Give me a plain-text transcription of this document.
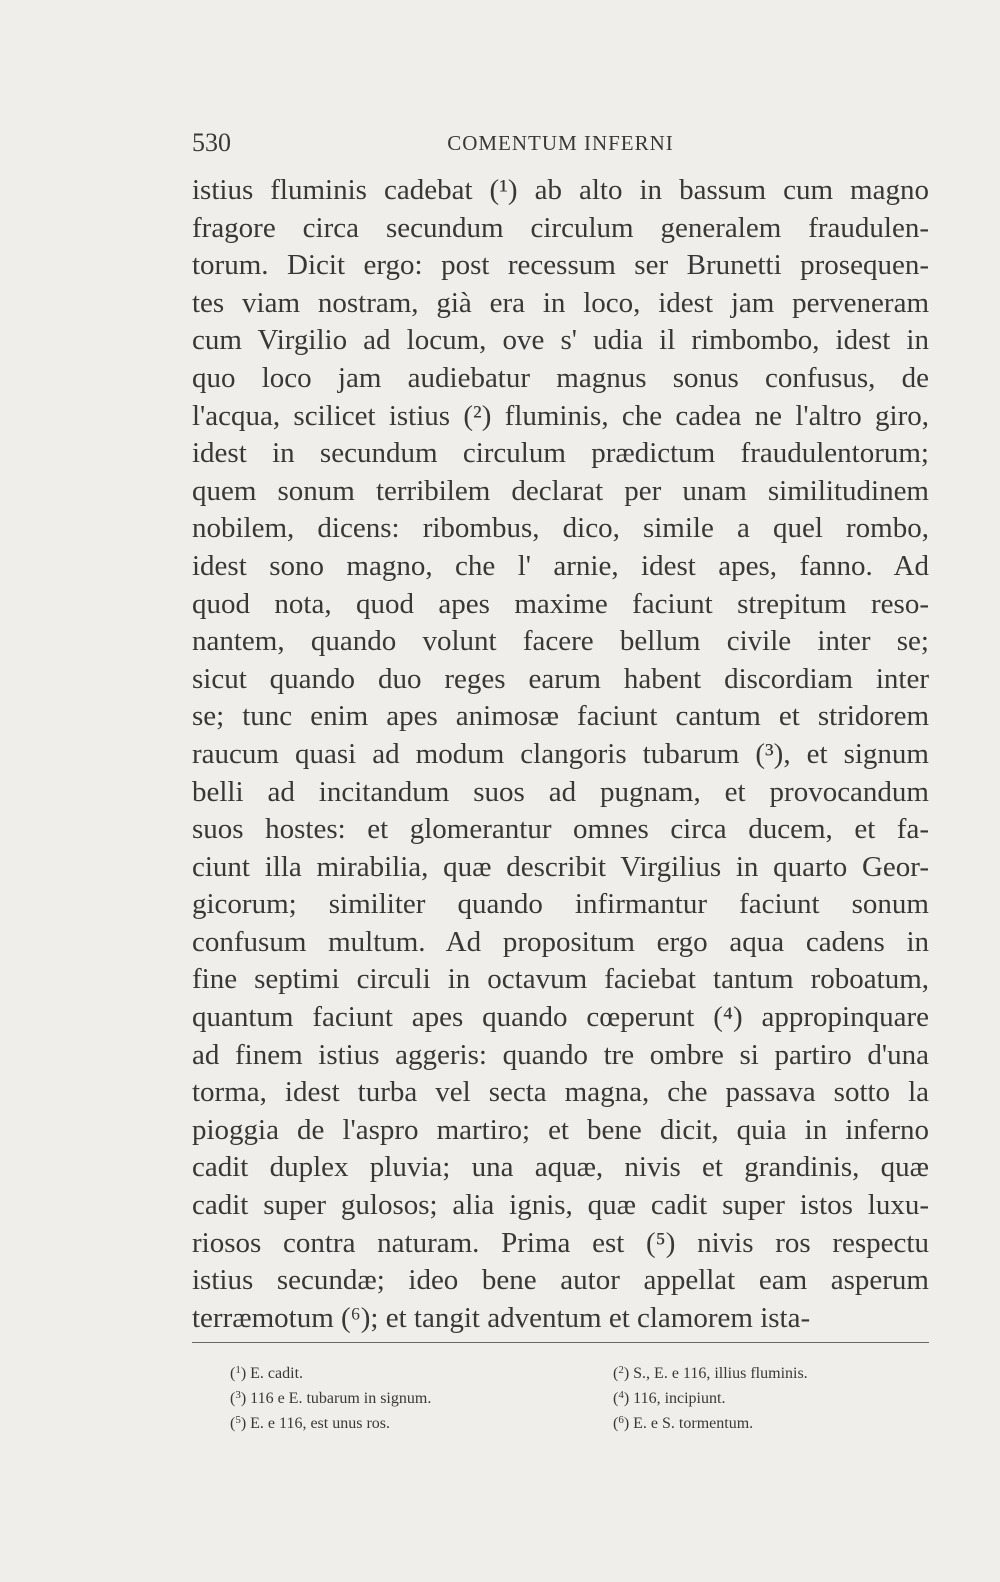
530	COMENTUM INFERNI
istius fluminis cadebat (¹) ab alto in bassum cum magno
fragore circa secundum circulum generalem fraudulen-
torum. Dicit ergo: post recessum ser Brunetti prosequen-
tes viam nostram, già era in loco, idest jam perveneram
cum Virgilio ad locum, ove s' udia il rimbombo, idest in
quo loco jam audiebatur magnus sonus confusus, de
l'acqua, scilicet istius (²) fluminis, che cadea ne l'altro giro,
idest in secundum circulum prædictum fraudulentorum;
quem sonum terribilem declarat per unam similitudinem
nobilem, dicens: ribombus, dico, simile a quel rombo,
idest sono magno, che l' arnie, idest apes, fanno. Ad
quod nota, quod apes maxime faciunt strepitum reso-
nantem, quando volunt facere bellum civile inter se;
sicut quando duo reges earum habent discordiam inter
se; tunc enim apes animosæ faciunt cantum et stridorem
raucum quasi ad modum clangoris tubarum (³), et signum
belli ad incitandum suos ad pugnam, et provocandum
suos hostes: et glomerantur omnes circa ducem, et fa-
ciunt illa mirabilia, quæ describit Virgilius in quarto Geor-
gicorum; similiter quando infirmantur faciunt sonum
confusum multum. Ad propositum ergo aqua cadens in
fine septimi circuli in octavum faciebat tantum roboatum,
quantum faciunt apes quando cœperunt (⁴) appropinquare
ad finem istius aggeris: quando tre ombre si partiro d'una
torma, idest turba vel secta magna, che passava sotto la
pioggia de l'aspro martiro; et bene dicit, quia in inferno
cadit duplex pluvia; una aquæ, nivis et grandinis, quæ
cadit super gulosos; alia ignis, quæ cadit super istos luxu-
riosos contra naturam. Prima est (⁵) nivis ros respectu
istius secundæ; ideo bene autor appellat eam asperum
terræmotum (⁶); et tangit adventum et clamorem ista-
($^1$) E. cadit.
($^3$) 116 e E. tubarum in signum.
($^5$) E. e 116, est unus ros.
($^2$) S., E. e 116, illius fluminis.
($^4$) 116, incipiunt.
($^6$) E. e S. tormentum.
